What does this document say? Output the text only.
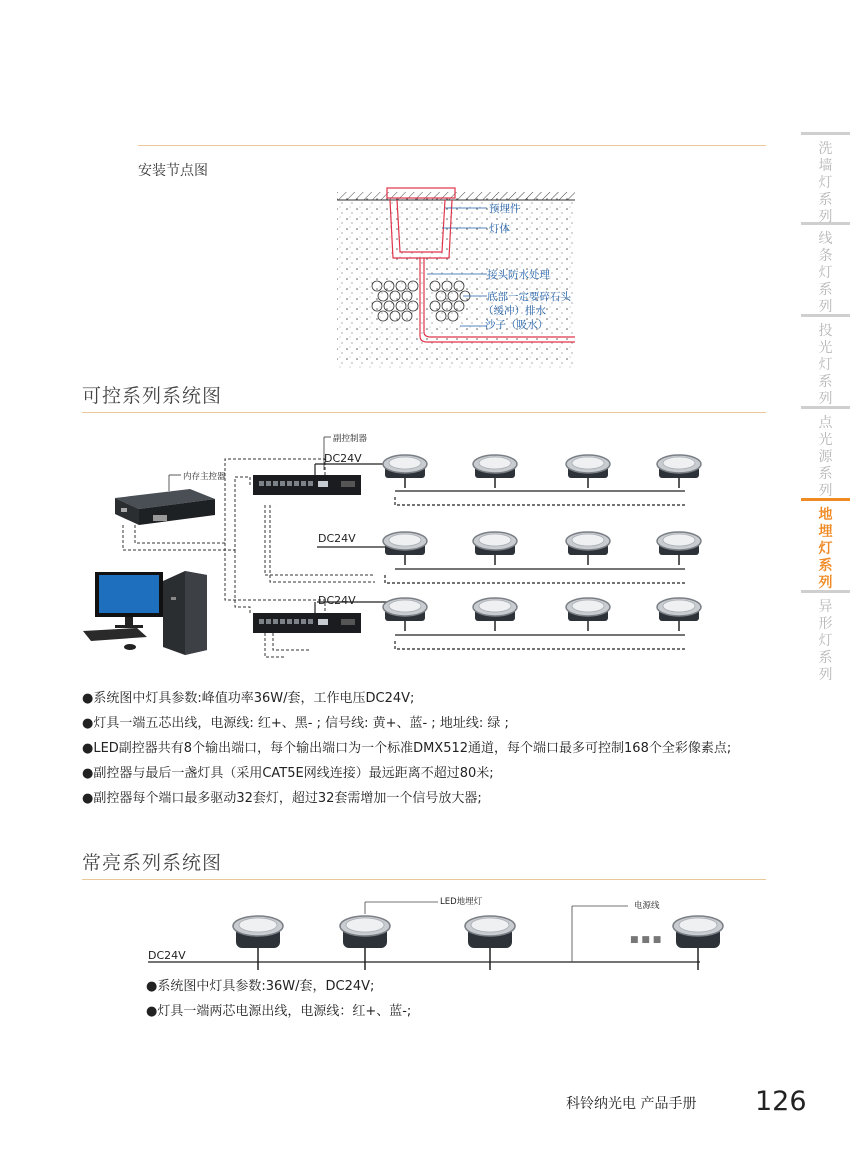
安装节点图
预埋件
灯体
接头防水处理
底部一定要碎石头
（缓冲）排水
沙子（吸水）
可控系列系统图
内存主控器
副控制器
DC24V
DC24V
DC24V
●系统图中灯具参数:峰值功率36W/套，工作电压DC24V;
●灯具一端五芯出线，电源线: 红+、黑- ; 信号线: 黄+、蓝- ; 地址线: 绿 ;
●LED副控器共有8个输出端口，每个输出端口为一个标准DMX512通道，每个端口最多可控制168个全彩像素点;
●副控器与最后一盏灯具（采用CAT5E网线连接）最远距离不超过80米;
●副控器每个端口最多驱动32套灯，超过32套需增加一个信号放大器;
常亮系列系统图
LED地埋灯	电源线
■ ■ ■
DC24V
●系统图中灯具参数:36W/套，DC24V;
●灯具一端两芯电源出线，电源线：红+、蓝-;
洗
墙
灯
系
列
线
条
灯
系
列
投
光
灯
系
列
点
光
源
系
列
地
埋
灯
系
列
异
形
灯
系
列
科铃纳光电 产品手册 126
